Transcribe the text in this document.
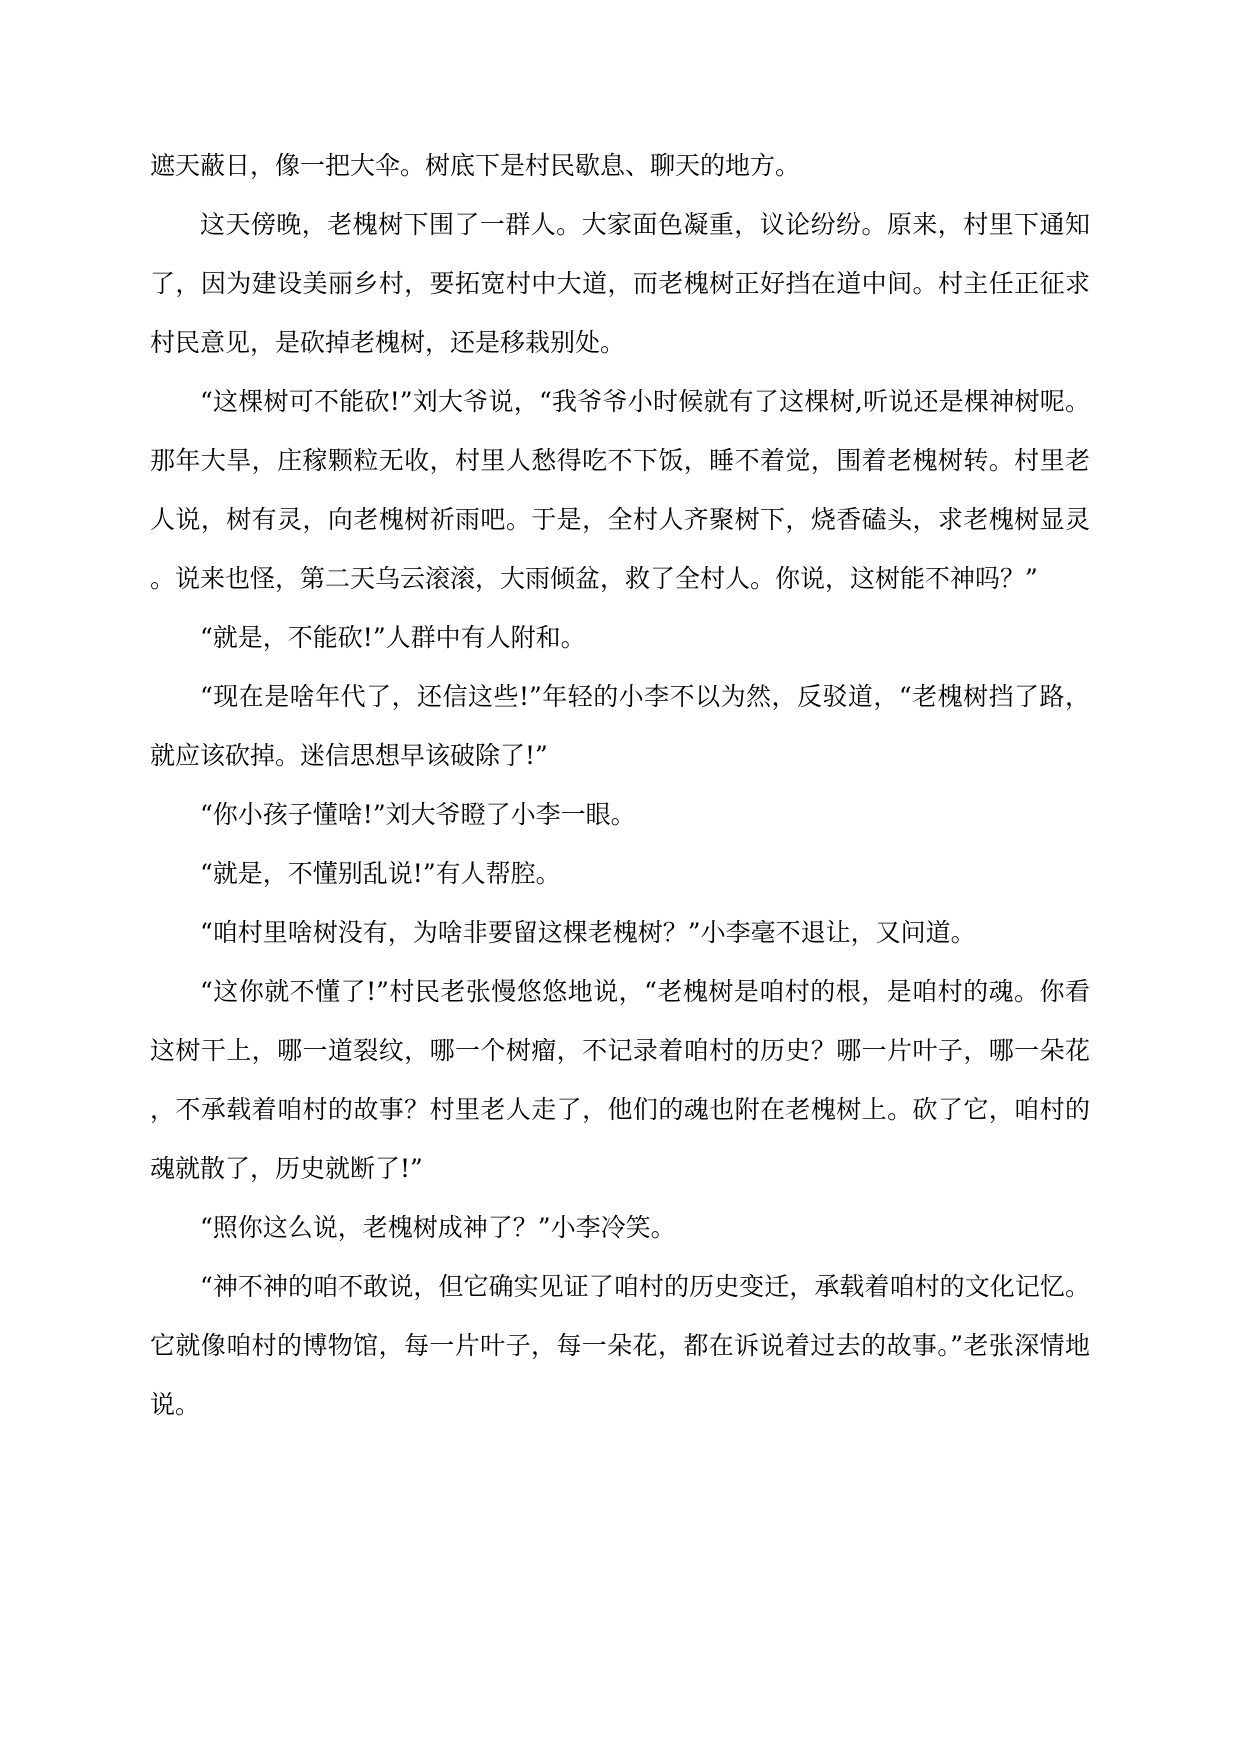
遮天蔽日，像一把大伞。树底下是村民歇息、聊天的地方。

这天傍晚，老槐树下围了一群人。大家面色凝重，议论纷纷。原来，村里下通知了，因为建设美丽乡村，要拓宽村中大道，而老槐树正好挡在道中间。村主任正征求村民意见，是砍掉老槐树，还是移栽别处。

“这棵树可不能砍!”刘大爷说，“我爷爷小时候就有了这棵树,听说还是棵神树呢。那年大旱，庄稼颗粒无收，村里人愁得吃不下饭，睡不着觉，围着老槐树转。村里老人说，树有灵，向老槐树祈雨吧。于是，全村人齐聚树下，烧香磕头，求老槐树显灵。说来也怪，第二天乌云滚滚，大雨倾盆，救了全村人。你说，这树能不神吗？”

“就是，不能砍!”人群中有人附和。

“现在是啥年代了，还信这些!”年轻的小李不以为然，反驳道，“老槐树挡了路，就应该砍掉。迷信思想早该破除了!”

“你小孩子懂啥!”刘大爷瞪了小李一眼。

“就是，不懂别乱说!”有人帮腔。

“咱村里啥树没有，为啥非要留这棵老槐树？”小李毫不退让，又问道。

“这你就不懂了!”村民老张慢悠悠地说，“老槐树是咱村的根，是咱村的魂。你看这树干上，哪一道裂纹，哪一个树瘤，不记录着咱村的历史？哪一片叶子，哪一朵花，不承载着咱村的故事？村里老人走了，他们的魂也附在老槐树上。砍了它，咱村的魂就散了，历史就断了!”

“照你这么说，老槐树成神了？”小李冷笑。

“神不神的咱不敢说，但它确实见证了咱村的历史变迁，承载着咱村的文化记忆。它就像咱村的博物馆，每一片叶子，每一朵花，都在诉说着过去的故事。”老张深情地说。
